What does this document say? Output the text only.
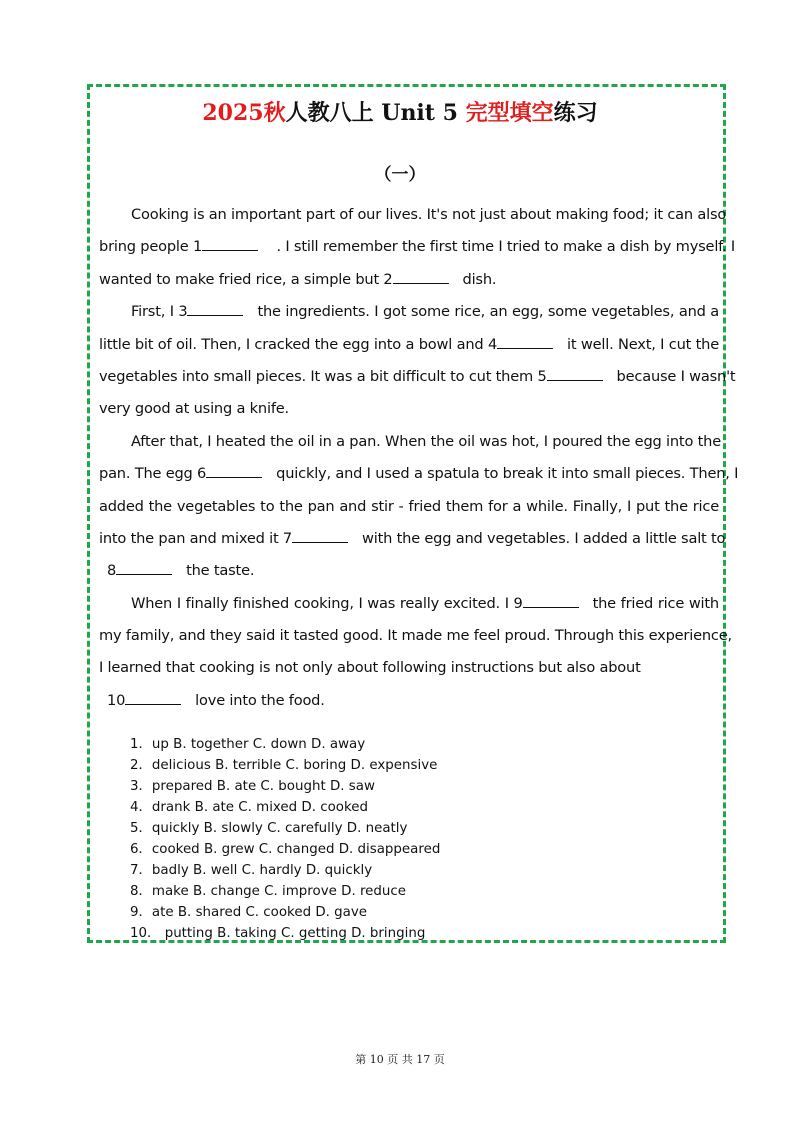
2025秋人教八上 Unit 5 完型填空练习
（一）
Cooking is an important part of our lives. It's not just about making food; it can also
bring people 1	. I still remember the first time I tried to make a dish by myself. I
wanted to make fried rice, a simple but 2	dish.
First, I 3	the ingredients. I got some rice, an egg, some vegetables, and a
little bit of oil. Then, I cracked the egg into a bowl and 4	it well. Next, I cut the
vegetables into small pieces. It was a bit difficult to cut them 5	because I wasn't
very good at using a knife.
After that, I heated the oil in a pan. When the oil was hot, I poured the egg into the
pan. The egg 6	quickly, and I used a spatula to break it into small pieces. Then, I
added the vegetables to the pan and stir - fried them for a while. Finally, I put the rice
into the pan and mixed it 7	with the egg and vegetables. I added a little salt to
8	the taste.
When I finally finished cooking, I was really excited. I 9	the fried rice with
my family, and they said it tasted good. It made me feel proud. Through this experience,
I learned that cooking is not only about following instructions but also about
10	love into the food.
1．up B. together C. down D. away
2．delicious B. terrible C. boring D. expensive
3．prepared B. ate C. bought D. saw
4．drank B. ate C. mixed D. cooked
5．quickly B. slowly C. carefully D. neatly
6．cooked B. grew C. changed D. disappeared
7．badly B. well C. hardly D. quickly
8．make B. change C. improve D. reduce
9．ate B. shared C. cooked D. gave
10． putting B. taking C. getting D. bringing
第 10 页 共 17 页
